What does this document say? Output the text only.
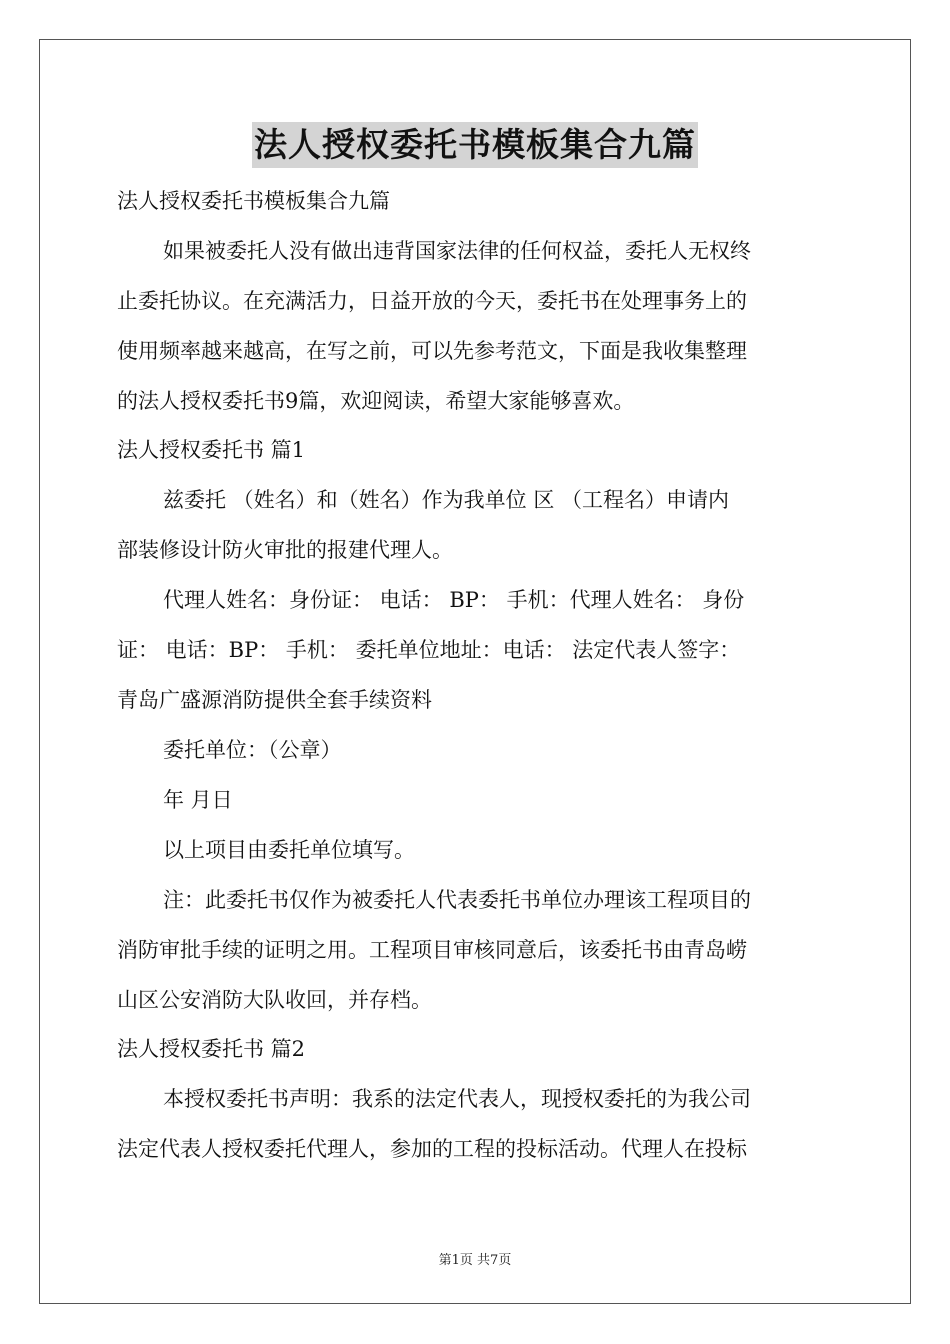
法人授权委托书模板集合九篇
法人授权委托书模板集合九篇
如果被委托人没有做出违背国家法律的任何权益，委托人无权终
止委托协议。在充满活力，日益开放的今天，委托书在处理事务上的
使用频率越来越高，在写之前，可以先参考范文，下面是我收集整理
的法人授权委托书9篇，欢迎阅读，希望大家能够喜欢。
法人授权委托书 篇1
兹委托 （姓名）和（姓名）作为我单位 区 （工程名）申请内
部装修设计防火审批的报建代理人。
代理人姓名：身份证： 电话： BP： 手机：代理人姓名： 身份
证： 电话：BP： 手机： 委托单位地址：电话： 法定代表人签字：
青岛广盛源消防提供全套手续资料
委托单位：（公章）
年 月日
以上项目由委托单位填写。
注：此委托书仅作为被委托人代表委托书单位办理该工程项目的
消防审批手续的证明之用。工程项目审核同意后，该委托书由青岛崂
山区公安消防大队收回，并存档。
法人授权委托书 篇2
本授权委托书声明：我系的法定代表人，现授权委托的为我公司
法定代表人授权委托代理人，参加的工程的投标活动。代理人在投标
第1页 共7页
